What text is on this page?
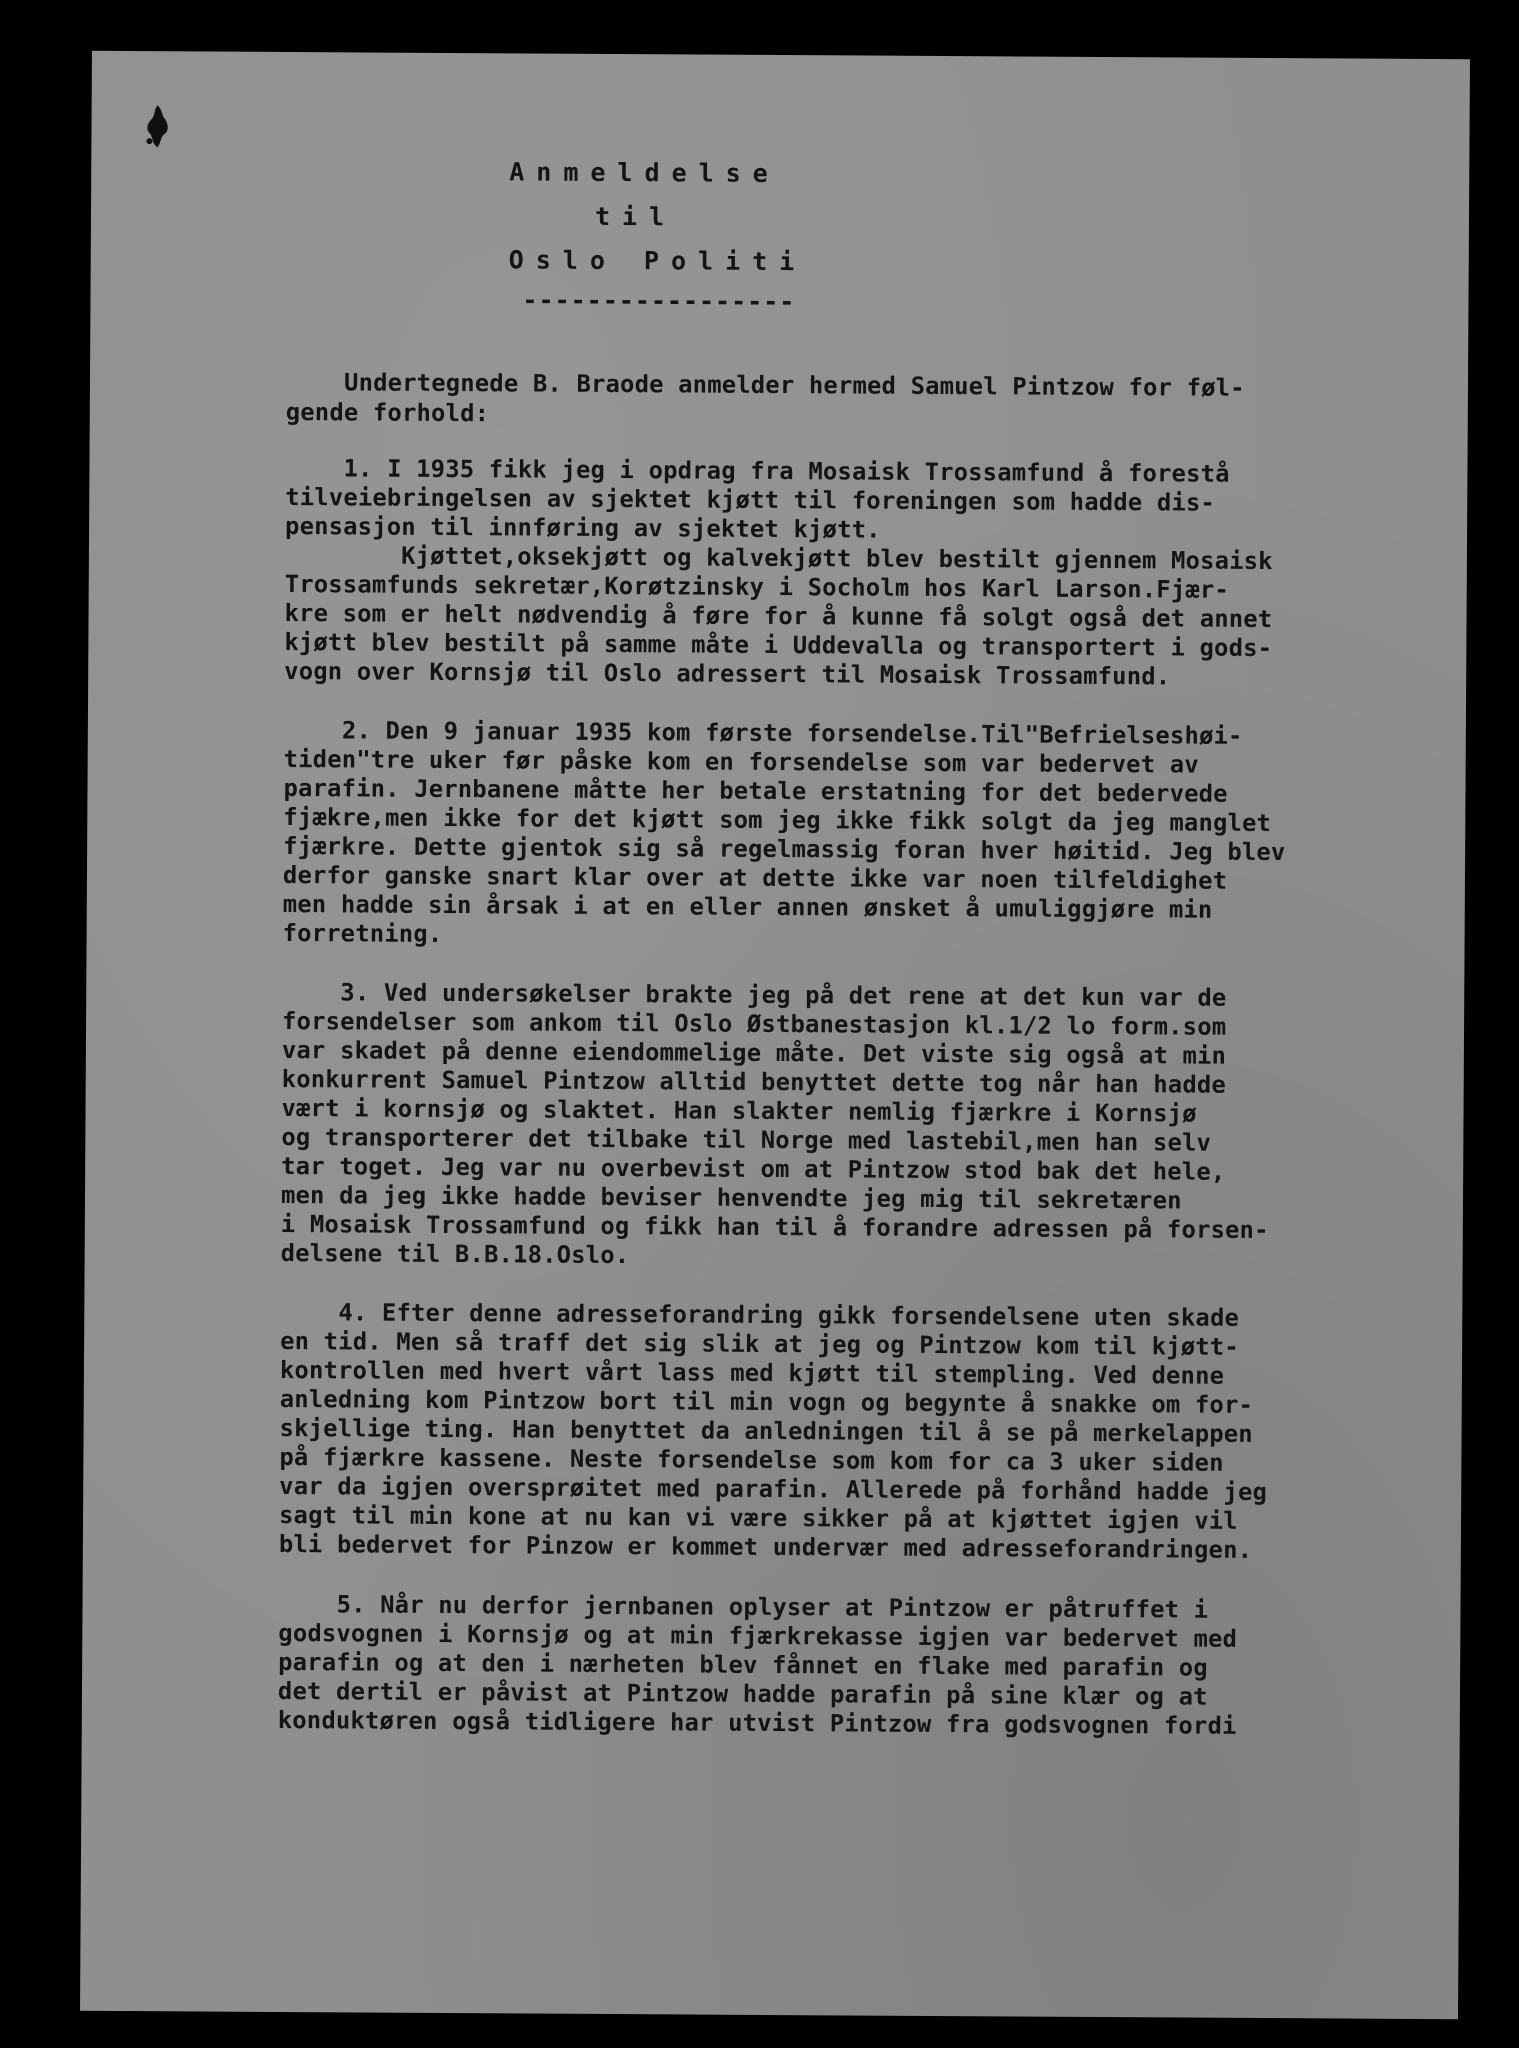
Anmeldelse

til

Oslo Politi

-----------------

Undertegnede B. Braode anmelder hermed Samuel Pintzow for føl-

gende forhold:

1. I 1935 fikk jeg i opdrag fra Mosaisk Trossamfund å forestå

tilveiebringelsen av sjektet kjøtt til foreningen som hadde dis-

pensasjon til innføring av sjektet kjøtt.

Kjøttet,oksekjøtt og kalvekjøtt blev bestilt gjennem Mosaisk

Trossamfunds sekretær,Korøtzinsky i Socholm hos Karl Larson.Fjær-

kre som er helt nødvendig å føre for å kunne få solgt også det annet

kjøtt blev bestilt på samme måte i Uddevalla og transportert i gods-

vogn over Kornsjø til Oslo adressert til Mosaisk Trossamfund.

2. Den 9 januar 1935 kom første forsendelse.Til"Befrielseshøi-

tiden"tre uker før påske kom en forsendelse som var bedervet av

parafin. Jernbanene måtte her betale erstatning for det bedervede

fjækre,men ikke for det kjøtt som jeg ikke fikk solgt da jeg manglet

fjærkre. Dette gjentok sig så regelmassig foran hver høitid. Jeg blev

derfor ganske snart klar over at dette ikke var noen tilfeldighet

men hadde sin årsak i at en eller annen ønsket å umuliggjøre min

forretning.

3. Ved undersøkelser brakte jeg på det rene at det kun var de

forsendelser som ankom til Oslo Østbanestasjon kl.1/2 lo form.som

var skadet på denne eiendommelige måte. Det viste sig også at min

konkurrent Samuel Pintzow alltid benyttet dette tog når han hadde

vært i kornsjø og slaktet. Han slakter nemlig fjærkre i Kornsjø

og transporterer det tilbake til Norge med lastebil,men han selv

tar toget. Jeg var nu overbevist om at Pintzow stod bak det hele,

men da jeg ikke hadde beviser henvendte jeg mig til sekretæren

i Mosaisk Trossamfund og fikk han til å forandre adressen på forsen-

delsene til B.B.18.Oslo.

4. Efter denne adresseforandring gikk forsendelsene uten skade

en tid. Men så traff det sig slik at jeg og Pintzow kom til kjøtt-

kontrollen med hvert vårt lass med kjøtt til stempling. Ved denne

anledning kom Pintzow bort til min vogn og begynte å snakke om for-

skjellige ting. Han benyttet da anledningen til å se på merkelappen

på fjærkre kassene. Neste forsendelse som kom for ca 3 uker siden

var da igjen oversprøitet med parafin. Allerede på forhånd hadde jeg

sagt til min kone at nu kan vi være sikker på at kjøttet igjen vil

bli bedervet for Pinzow er kommet undervær med adresseforandringen.

5. Når nu derfor jernbanen oplyser at Pintzow er påtruffet i

godsvognen i Kornsjø og at min fjærkrekasse igjen var bedervet med

parafin og at den i nærheten blev fånnet en flake med parafin og

det dertil er påvist at Pintzow hadde parafin på sine klær og at

konduktøren også tidligere har utvist Pintzow fra godsvognen fordi
